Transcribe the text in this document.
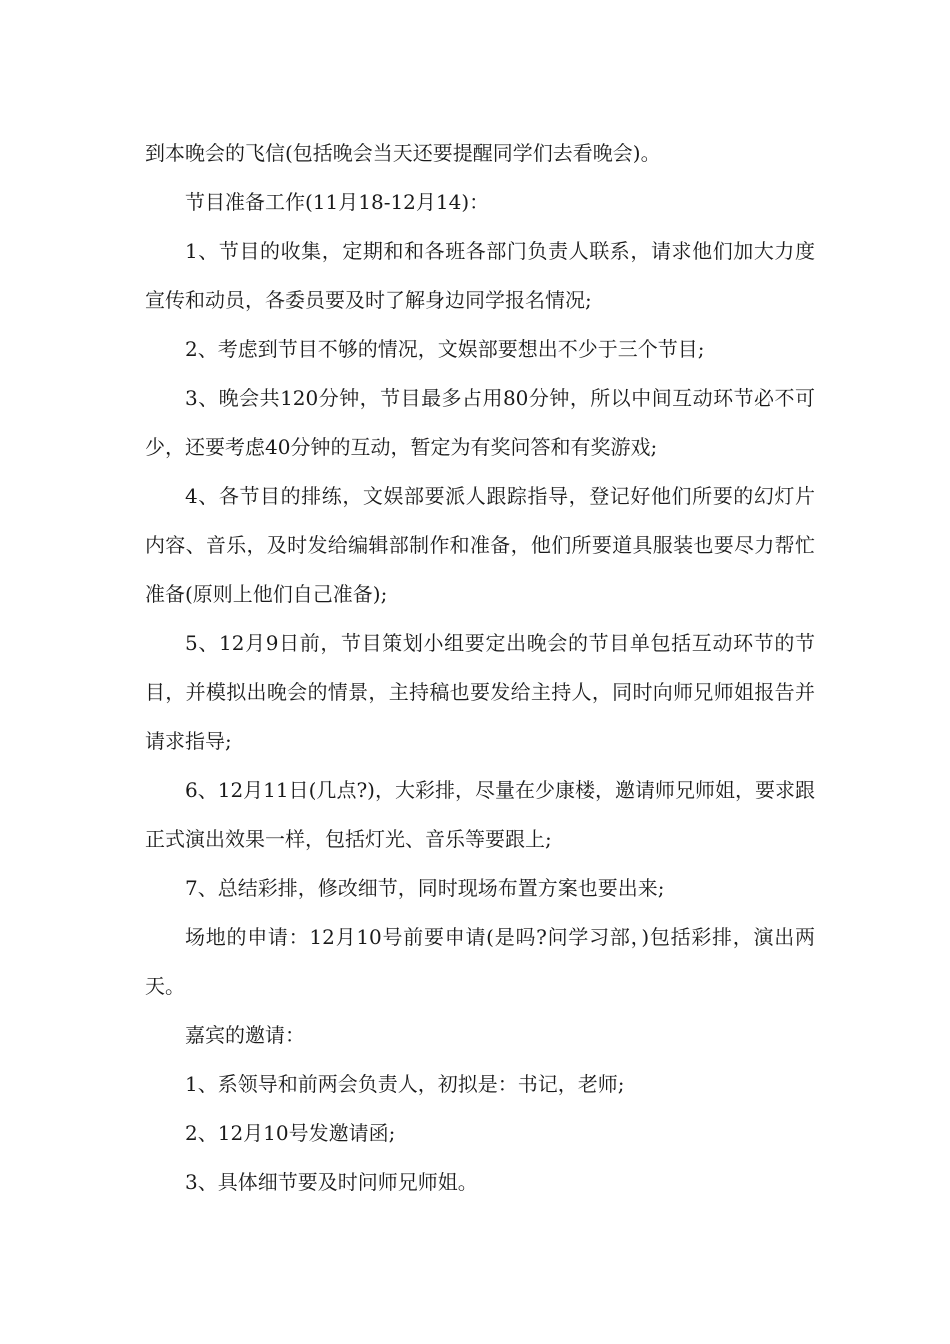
到本晚会的飞信(包括晚会当天还要提醒同学们去看晚会)。

节目准备工作(11月18-12月14)：

1、节目的收集，定期和和各班各部门负责人联系，请求他们加大力度宣传和动员，各委员要及时了解身边同学报名情况;

2、考虑到节目不够的情况，文娱部要想出不少于三个节目;

3、晚会共120分钟，节目最多占用80分钟，所以中间互动环节必不可少，还要考虑40分钟的互动，暂定为有奖问答和有奖游戏;

4、各节目的排练，文娱部要派人跟踪指导，登记好他们所要的幻灯片内容、音乐，及时发给编辑部制作和准备，他们所要道具服装也要尽力帮忙准备(原则上他们自己准备);

5、12月9日前，节目策划小组要定出晚会的节目单包括互动环节的节目，并模拟出晚会的情景，主持稿也要发给主持人，同时向师兄师姐报告并请求指导;

6、12月11日(几点?)，大彩排，尽量在少康楼，邀请师兄师姐，要求跟正式演出效果一样，包括灯光、音乐等要跟上;

7、总结彩排，修改细节，同时现场布置方案也要出来;

场地的申请：12月10号前要申请(是吗?问学习部，)包括彩排，演出两天。

嘉宾的邀请：

1、系领导和前两会负责人，初拟是：书记，老师;

2、12月10号发邀请函;

3、具体细节要及时问师兄师姐。
